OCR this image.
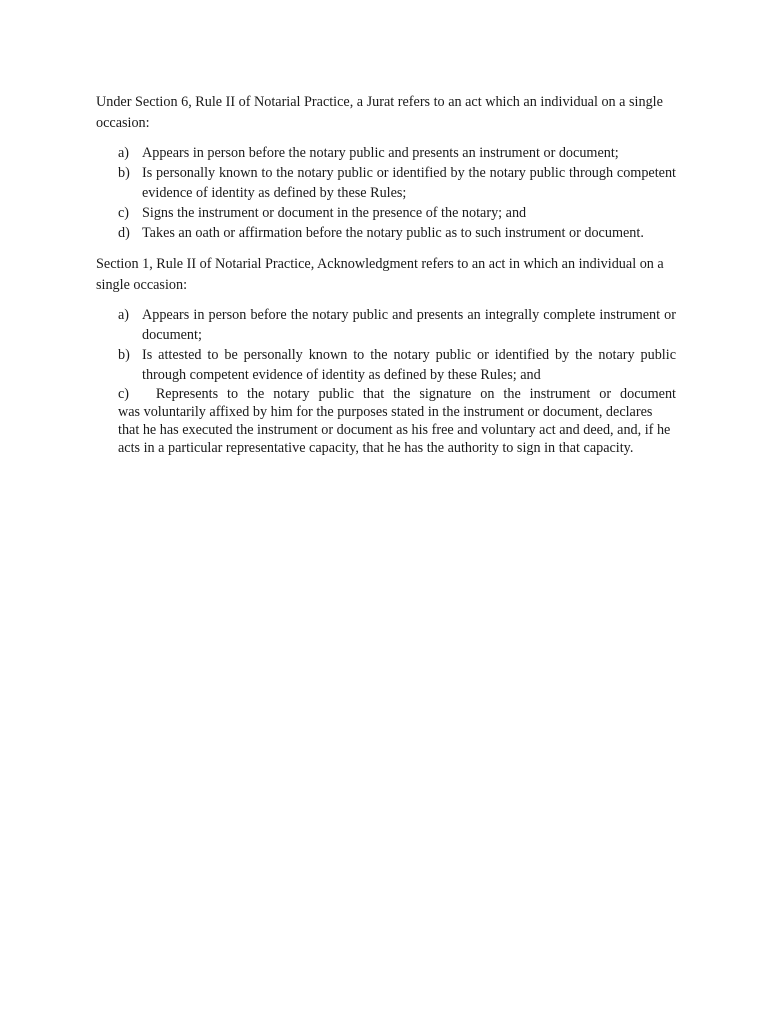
Under Section 6, Rule II of Notarial Practice, a Jurat refers to an act which an individual on a single occasion:

a) Appears in person before the notary public and presents an instrument or document;
b) Is personally known to the notary public or identified by the notary public through competent evidence of identity as defined by these Rules;
c) Signs the instrument or document in the presence of the notary; and
d) Takes an oath or affirmation before the notary public as to such instrument or document.

Section 1, Rule II of Notarial Practice, Acknowledgment refers to an act in which an individual on a single occasion:

a) Appears in person before the notary public and presents an integrally complete instrument or document;
b) Is attested to be personally known to the notary public or identified by the notary public through competent evidence of identity as defined by these Rules; and
c) Represents to the notary public that the signature on the instrument or document
was voluntarily affixed by him for the purposes stated in the instrument or document, declares that he has executed the instrument or document as his free and voluntary act and deed, and, if he acts in a particular representative capacity, that he has the authority to sign in that capacity.
